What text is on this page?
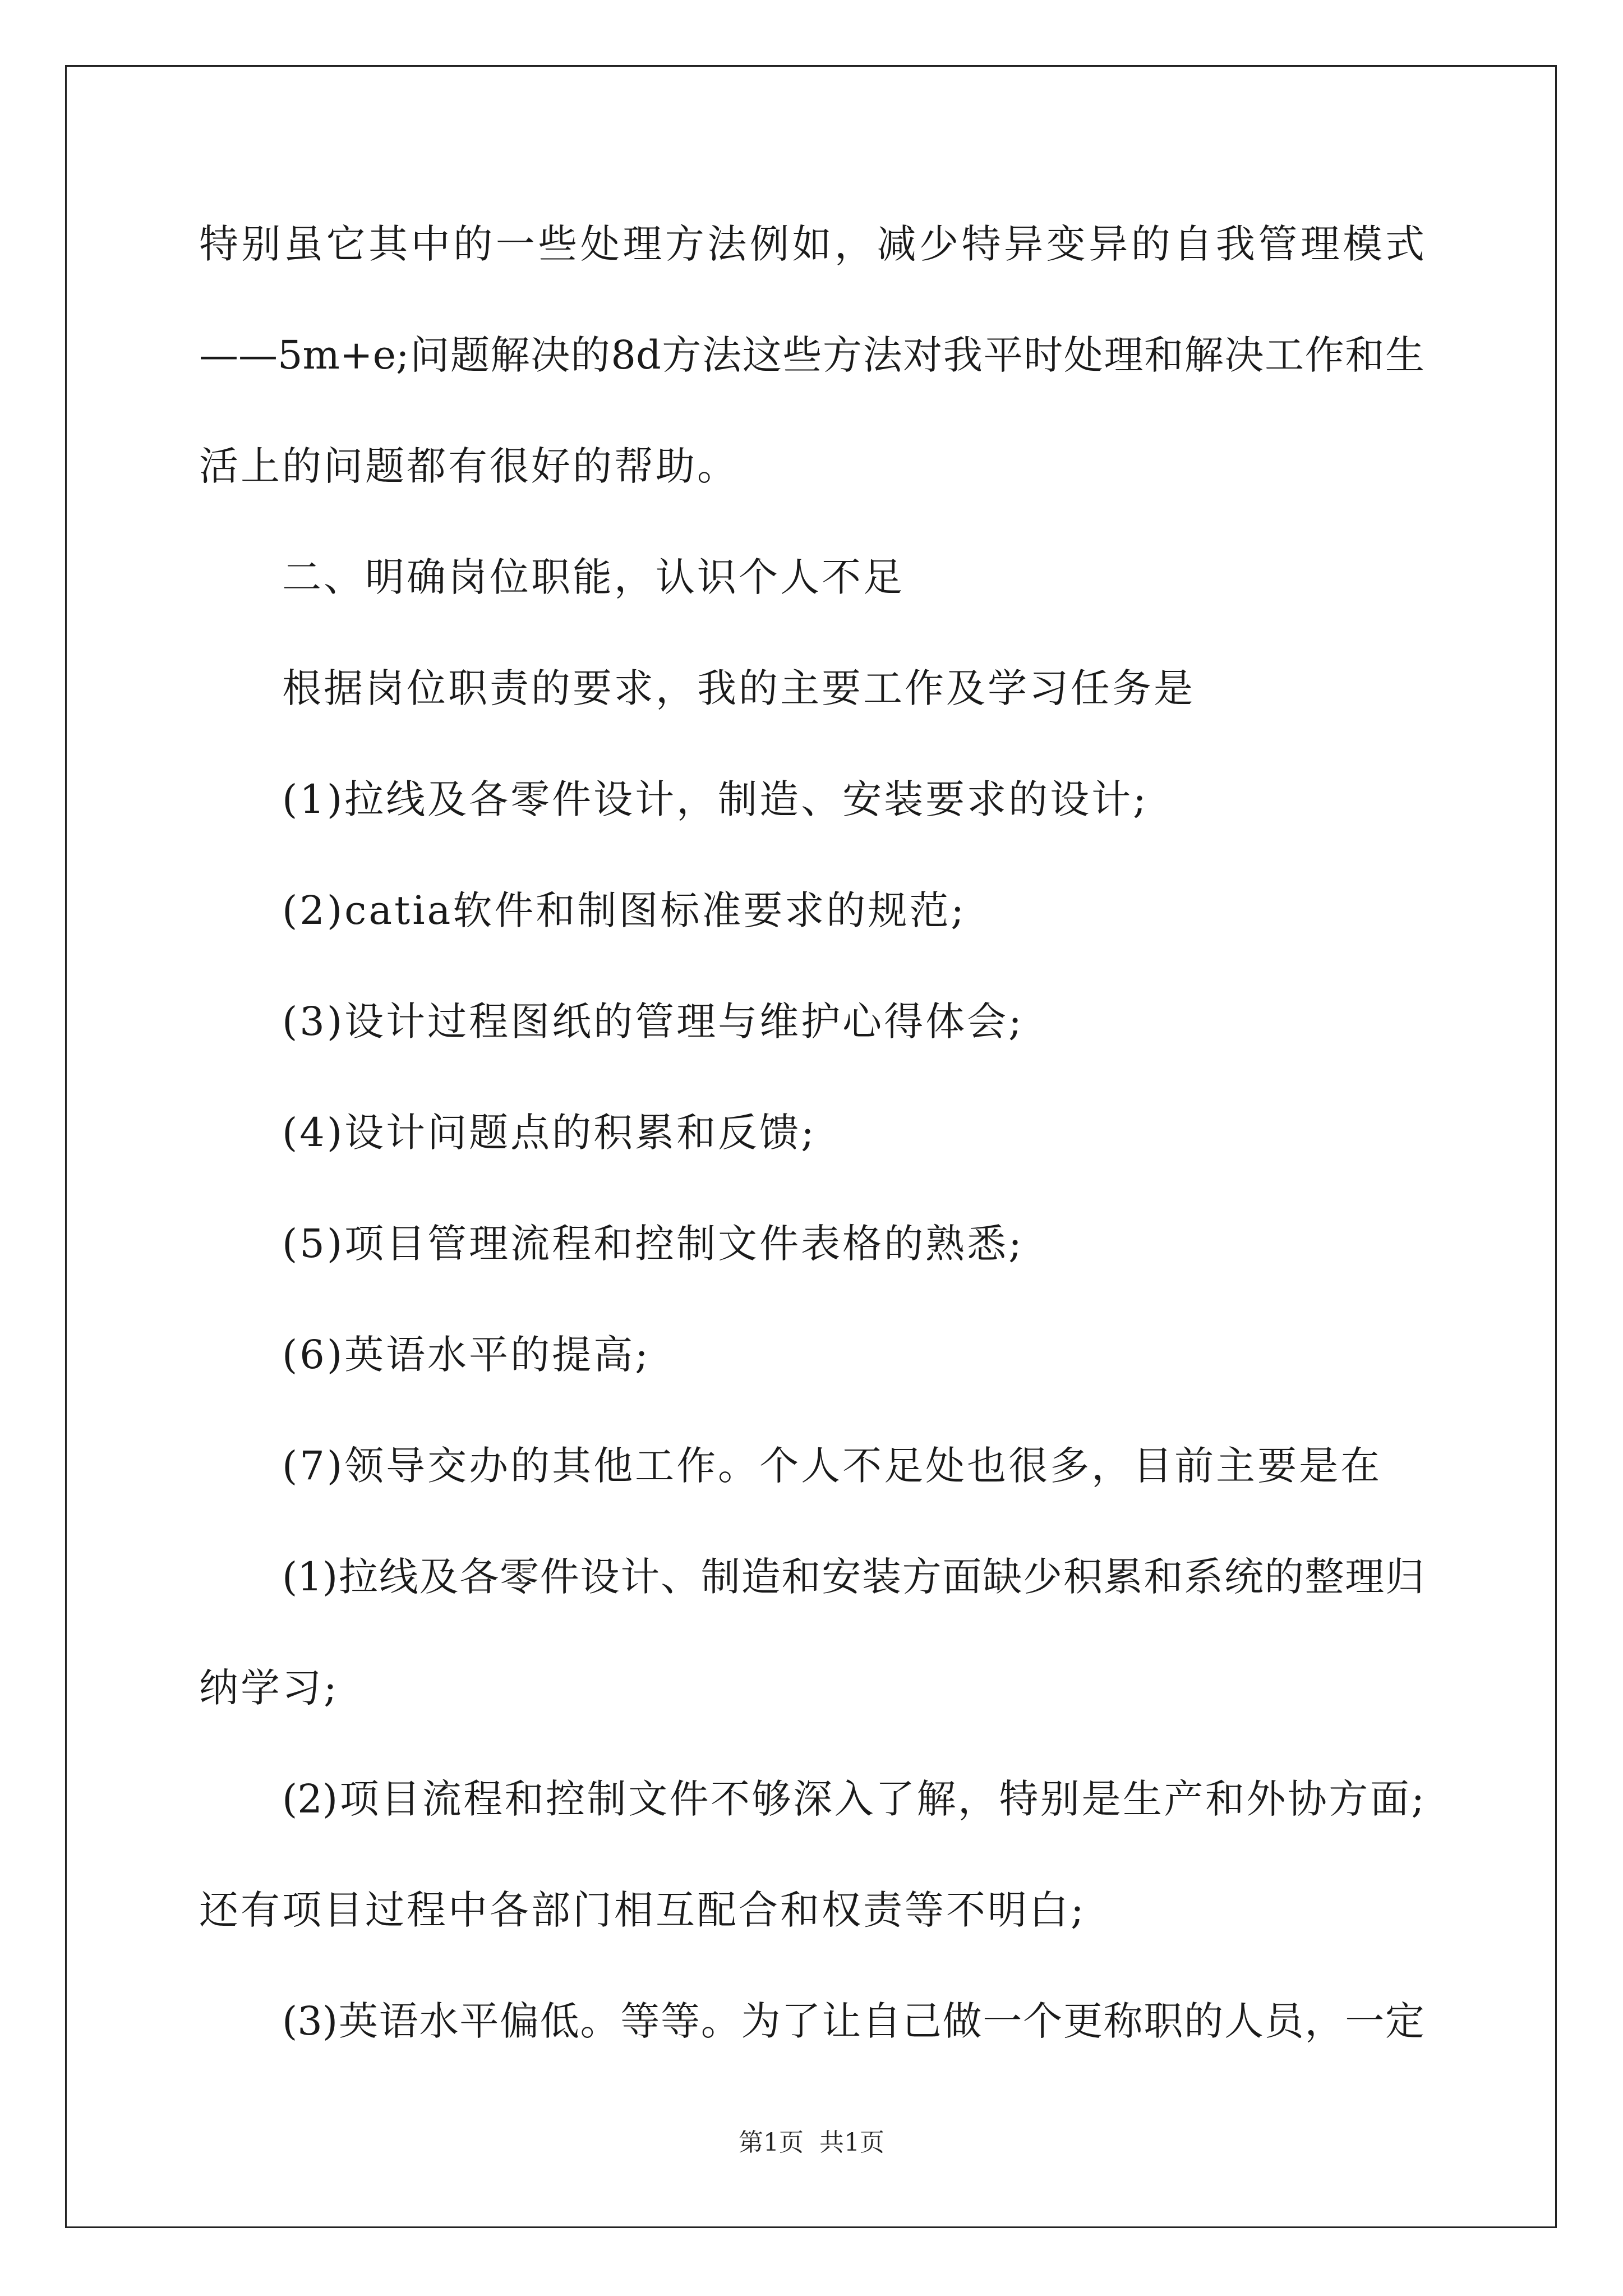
特别虽它其中的一些处理方法例如，减少特异变异的自我管理模式
——5m+e;问题解决的8d方法这些方法对我平时处理和解决工作和生
活上的问题都有很好的帮助。
二、明确岗位职能，认识个人不足
根据岗位职责的要求，我的主要工作及学习任务是
(1)拉线及各零件设计，制造、安装要求的设计;
(2)catia软件和制图标准要求的规范;
(3)设计过程图纸的管理与维护心得体会;
(4)设计问题点的积累和反馈;
(5)项目管理流程和控制文件表格的熟悉;
(6)英语水平的提高;
(7)领导交办的其他工作。个人不足处也很多，目前主要是在
(1)拉线及各零件设计、制造和安装方面缺少积累和系统的整理归
纳学习;
(2)项目流程和控制文件不够深入了解，特别是生产和外协方面;
还有项目过程中各部门相互配合和权责等不明白;
(3)英语水平偏低。等等。为了让自己做一个更称职的人员，一定
第1页 共1页
